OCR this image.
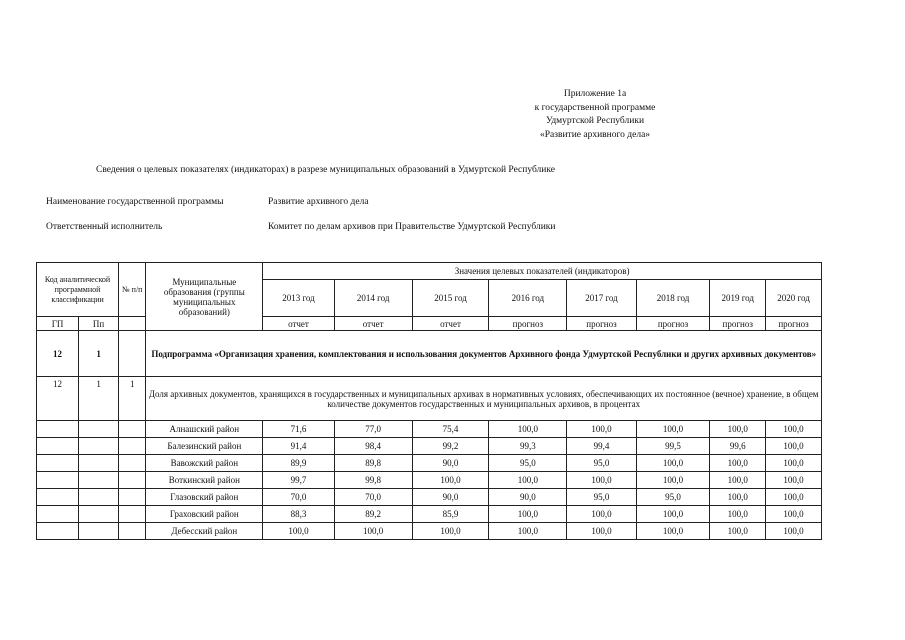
Приложение 1а
к государственной программе
Удмуртской Республики
«Развитие архивного дела»
Сведения о целевых показателях (индикаторах) в разрезе муниципальных образований в Удмуртской Республике
Наименование государственной программы	Развитие архивного дела
Ответственный исполнитель	Комитет по делам архивов при Правительстве Удмуртской Республики
Код аналитической программной классификации		№ п/п	Муниципальные образования (группы муниципальных образований)	Значения целевых показателей (индикаторов)							
				2013 год	2014 год	2015 год	2016 год	2017 год	2018 год	2019 год	2020 год
ГП	Пп			отчет	отчет	отчет	прогноз	прогноз	прогноз	прогноз	прогноз
12	1		Подпрограмма «Организация хранения, комплектования и использования документов Архивного фонда Удмуртской Республики и других архивных документов»								
12	1	1	Доля архивных документов, хранящихся в государственных и муниципальных архивах в нормативных условиях, обеспечивающих их постоянное (вечное) хранение, в общем количестве документов государственных и муниципальных архивов, в процентах								
			Алнашский район	71,6	77,0	75,4	100,0	100,0	100,0	100,0	100,0
			Балезинский район	91,4	98,4	99,2	99,3	99,4	99,5	99,6	100,0
			Вавожский район	89,9	89,8	90,0	95,0	95,0	100,0	100,0	100,0
			Воткинский район	99,7	99,8	100,0	100,0	100,0	100,0	100,0	100,0
			Глазовский район	70,0	70,0	90,0	90,0	95,0	95,0	100,0	100,0
			Граховский район	88,3	89,2	85,9	100,0	100,0	100,0	100,0	100,0
			Дебесский район	100,0	100,0	100,0	100,0	100,0	100,0	100,0	100,0
